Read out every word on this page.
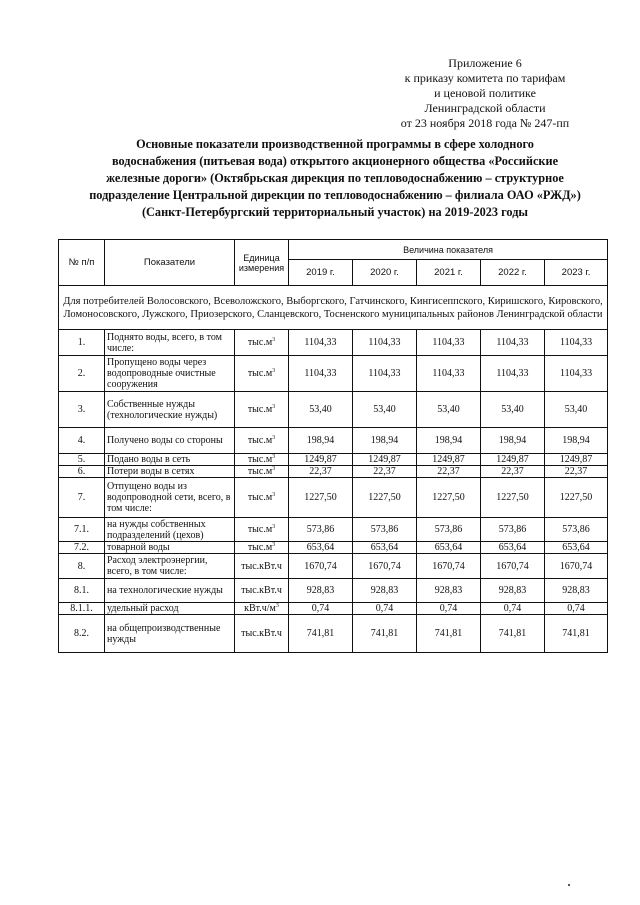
Приложение 6
к приказу комитета по тарифам
и ценовой политике
Ленинградской области
от 23 ноября 2018 года № 247-пп
Основные показатели производственной программы в сфере холодного
водоснабжения (питьевая вода) открытого акционерного общества «Российские
железные дороги» (Октябрьская дирекция по тепловодоснабжению – структурное
подразделение Центральной дирекции по тепловодоснабжению – филиала ОАО «РЖД»)
(Санкт-Петербургский территориальный участок) на 2019-2023 годы
№ п/п	Показатели	Единица измерения	Величина показателя				
			2019 г.	2020 г.	2021 г.	2022 г.	2023 г.
Для потребителей Волосовского, Всеволожского, Выборгского, Гатчинского, Кингисеппского, Киришского, Кировского, Ломоносовского, Лужского, Приозерского, Сланцевского, Тосненского муниципальных районов Ленинградской области							
1.	Поднято воды, всего, в том числе:	$тыс.м^3$	1104,33	1104,33	1104,33	1104,33	1104,33
2.	Пропущено воды через водопроводные очистные сооружения	$тыс.м^3$	1104,33	1104,33	1104,33	1104,33	1104,33
3.	Собственные нужды (технологические нужды)	$тыс.м^3$	53,40	53,40	53,40	53,40	53,40
4.	Получено воды со стороны	$тыс.м^3$	198,94	198,94	198,94	198,94	198,94
5.	Подано воды в сеть	$тыс.м^3$	1249,87	1249,87	1249,87	1249,87	1249,87
6.	Потери воды в сетях	$тыс.м^3$	22,37	22,37	22,37	22,37	22,37
7.	Отпущено воды из водопроводной сети, всего, в том числе:	$тыс.м^3$	1227,50	1227,50	1227,50	1227,50	1227,50
7.1.	на нужды собственных подразделений (цехов)	$тыс.м^3$	573,86	573,86	573,86	573,86	573,86
7.2.	товарной воды	$тыс.м^3$	653,64	653,64	653,64	653,64	653,64
8.	Расход электроэнергии, всего, в том числе:	тыс.кВт.ч	1670,74	1670,74	1670,74	1670,74	1670,74
8.1.	на технологические нужды	тыс.кВт.ч	928,83	928,83	928,83	928,83	928,83
8.1.1.	удельный расход	$кВт.ч/м^3$	0,74	0,74	0,74	0,74	0,74
8.2.	на общепроизводственные нужды	тыс.кВт.ч	741,81	741,81	741,81	741,81	741,81
